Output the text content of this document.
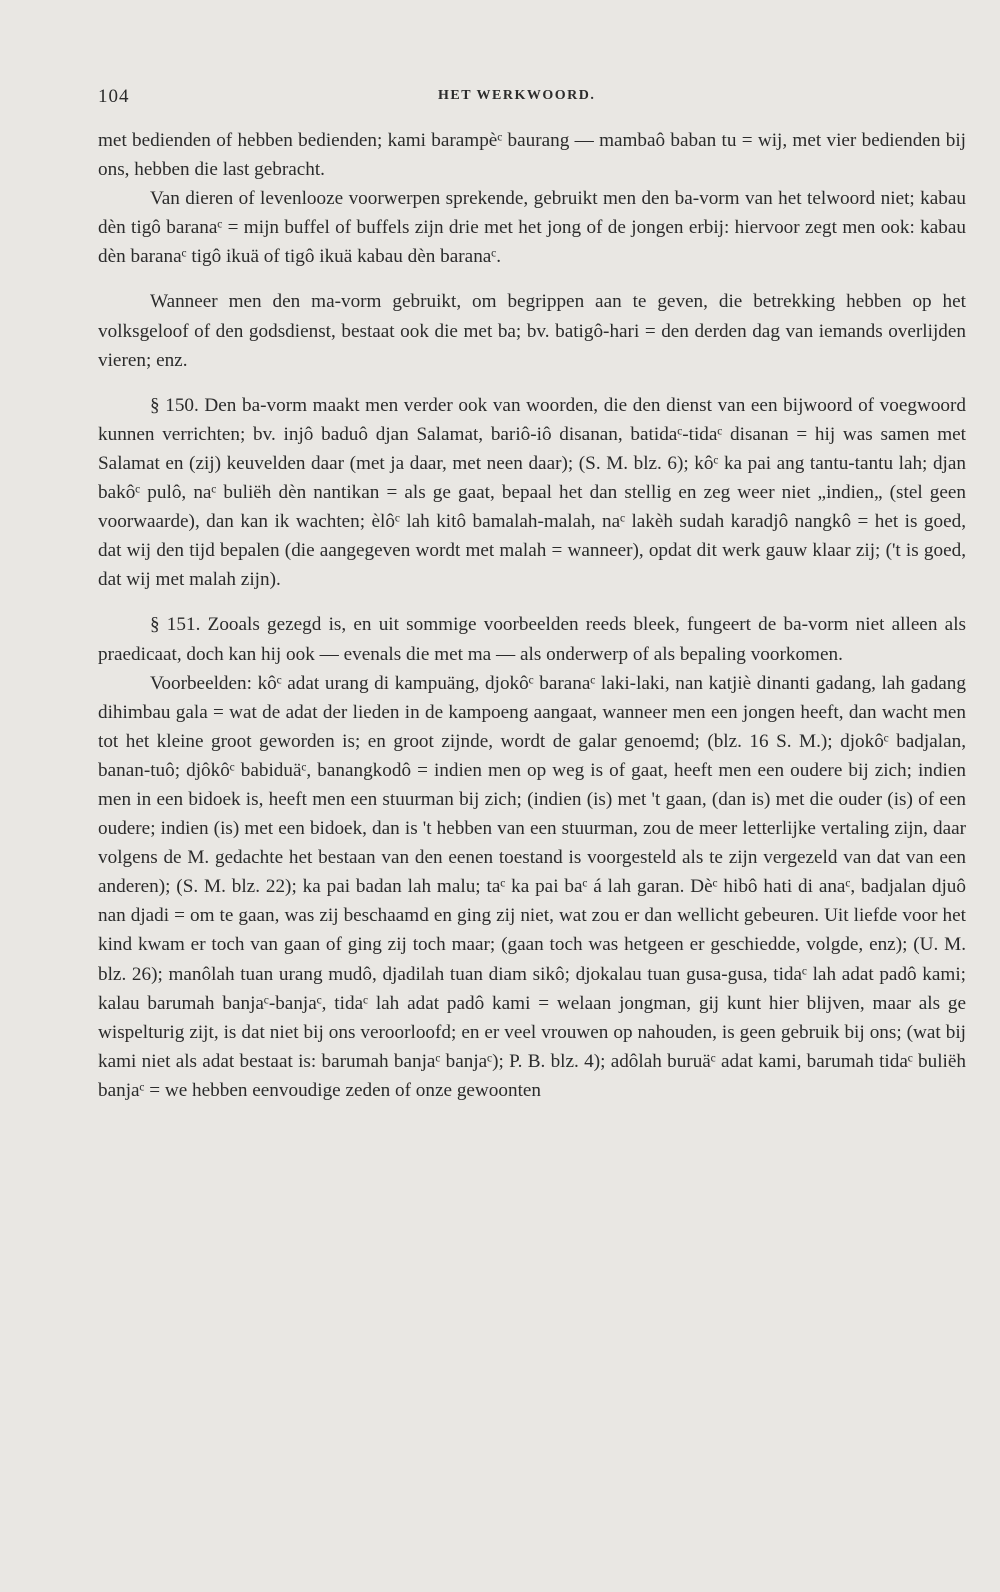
104	HET WERKWOORD.

met bedienden of hebben bedienden; kami barampèᶜ baurang — mambaô baban tu = wij, met vier bedienden bij ons, hebben die last gebracht.

Van dieren of levenlooze voorwerpen sprekende, gebruikt men den ba-vorm van het telwoord niet; kabau dèn tigô baranaᶜ = mijn buffel of buffels zijn drie met het jong of de jongen erbij: hiervoor zegt men ook: kabau dèn baranaᶜ tigô ikuä of tigô ikuä kabau dèn baranaᶜ.

Wanneer men den ma-vorm gebruikt, om begrippen aan te geven, die betrekking hebben op het volksgeloof of den godsdienst, bestaat ook die met ba; bv. batigô-hari = den derden dag van iemands overlijden vieren; enz.

§ 150. Den ba-vorm maakt men verder ook van woorden, die den dienst van een bijwoord of voegwoord kunnen verrichten; bv. injô baduô djan Salamat, bariô-iô disanan, batidaᶜ-tidaᶜ disanan = hij was samen met Salamat en (zij) keuvelden daar (met ja daar, met neen daar); (S. M. blz. 6); kôᶜ ka pai ang tantu-tantu lah; djan bakôᶜ pulô, naᶜ buliëh dèn nantikan = als ge gaat, bepaal het dan stellig en zeg weer niet „indien„ (stel geen voorwaarde), dan kan ik wachten; èlôᶜ lah kitô bamalah-malah, naᶜ lakèh sudah karadjô nangkô = het is goed, dat wij den tijd bepalen (die aangegeven wordt met malah = wanneer), opdat dit werk gauw klaar zij; ('t is goed, dat wij met malah zijn).

§ 151. Zooals gezegd is, en uit sommige voorbeelden reeds bleek, fungeert de ba-vorm niet alleen als praedicaat, doch kan hij ook — evenals die met ma — als onderwerp of als bepaling voorkomen.

Voorbeelden: kôᶜ adat urang di kampuäng, djokôᶜ baranaᶜ laki-laki, nan katjiè dinanti gadang, lah gadang dihimbau gala = wat de adat der lieden in de kampoeng aangaat, wanneer men een jongen heeft, dan wacht men tot het kleine groot geworden is; en groot zijnde, wordt de galar genoemd; (blz. 16 S. M.); djokôᶜ badjalan, banan-tuô; djôkôᶜ babiduäᶜ, banangkodô = indien men op weg is of gaat, heeft men een oudere bij zich; indien men in een bidoek is, heeft men een stuurman bij zich; (indien (is) met 't gaan, (dan is) met die ouder (is) of een oudere; indien (is) met een bidoek, dan is 't hebben van een stuurman, zou de meer letterlijke vertaling zijn, daar volgens de M. gedachte het bestaan van den eenen toestand is voorgesteld als te zijn vergezeld van dat van een anderen); (S. M. blz. 22); ka pai badan lah malu; taᶜ ka pai baᶜ á lah garan. Dèᶜ hibô hati di anaᶜ, badjalan djuô nan djadi = om te gaan, was zij beschaamd en ging zij niet, wat zou er dan wellicht gebeuren. Uit liefde voor het kind kwam er toch van gaan of ging zij toch maar; (gaan toch was hetgeen er geschiedde, volgde, enz); (U. M. blz. 26); manôlah tuan urang mudô, djadilah tuan diam sikô; djokalau tuan gusa-gusa, tidaᶜ lah adat padô kami; kalau barumah banjaᶜ-banjaᶜ, tidaᶜ lah adat padô kami = welaan jongman, gij kunt hier blijven, maar als ge wispelturig zijt, is dat niet bij ons veroorloofd; en er veel vrouwen op nahouden, is geen gebruik bij ons; (wat bij kami niet als adat bestaat is: barumah banjaᶜ banjaᶜ); P. B. blz. 4); adôlah buruäᶜ adat kami, barumah tidaᶜ buliëh banjaᶜ = we hebben eenvoudige zeden of onze gewoonten
